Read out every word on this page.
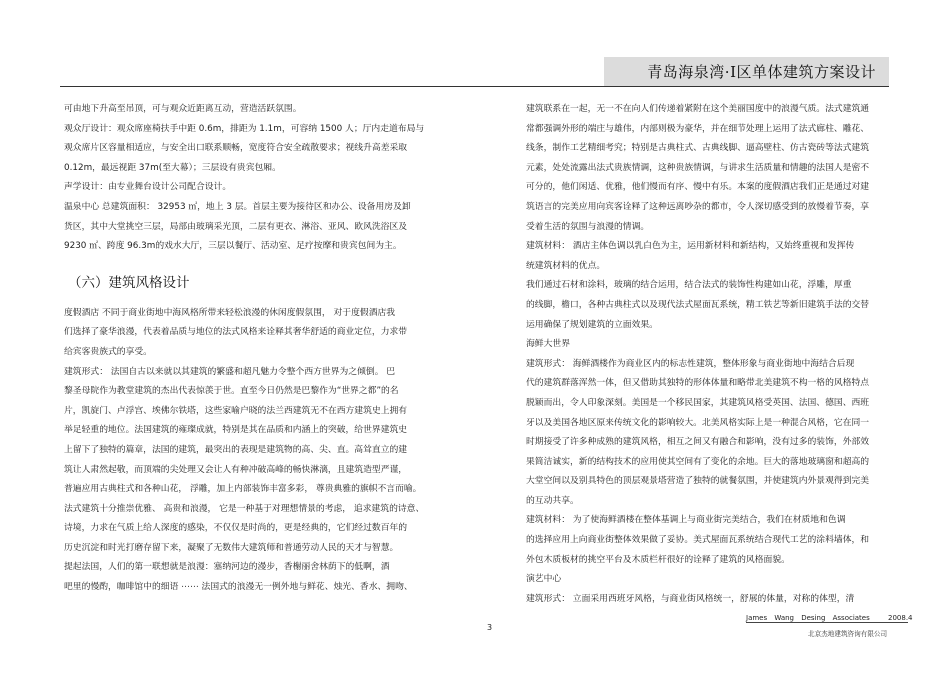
青岛海泉湾·Ⅰ区单体建筑方案设计
可由地下升高至吊顶，可与观众近距离互动，营造活跃氛围。
观众厅设计：观众席座椅扶手中距 0.6m，排距为 1.1m，可容纳 1500 人；厅内走道布局与
观众席片区容量相适应，与安全出口联系顺畅，宽度符合安全疏散要求；视线升高差采取
0.12m，最远视距 37m(至大幕）；三层设有贵宾包厢。
声学设计：由专业舞台设计公司配合设计。
温泉中心 总建筑面积： 32953 ㎡，地上 3 层。首层主要为接待区和办公、设备用房及卸
货区，其中大堂挑空三层，局部由玻璃采光顶，二层有更衣、淋浴、亚风、欧风洗浴区及
9230 ㎡、跨度 96.3m的戏水大厅，三层以餐厅、活动室、足疗按摩和贵宾包间为主。
（六）建筑风格设计
度假酒店 不同于商业街地中海风格所带来轻松浪漫的休闲度假氛围， 对于度假酒店我
们选择了豪华浪漫，代表着品质与地位的法式风格来诠释其奢华舒适的商业定位，力求带
给宾客贵族式的享受。
建筑形式： 法国自古以来就以其建筑的繁盛和超凡魅力令整个西方世界为之倾倒。 巴
黎圣母院作为教堂建筑的杰出代表惊羡于世。直至今日仍然是巴黎作为“世界之都”的名
片，凯旋门、卢浮宫、埃佛尔铁塔，这些家喻户晓的法兰西建筑无不在西方建筑史上拥有
举足轻重的地位。法国建筑的雍璨成就，特别是其在品质和内涵上的突破，给世界建筑史
上留下了独特的篇章，法国的建筑，最突出的表现是建筑物的高、尖、直。高耸直立的建
筑让人肃然起敬，而顶端的尖处理又会让人有种冲破高峰的畅快淋漓，且建筑造型严谨，
普遍应用古典柱式和各种山花， 浮雕，加上内部装饰丰富多彩， 尊贵典雅的旗帜不言而喻。
法式建筑十分推崇优雅、 高贵和浪漫， 它是一种基于对理想情景的考虑， 追求建筑的诗意、
诗境，力求在气质上给人深度的感染，不仅仅是时尚的，更是经典的，它们经过数百年的
历史沉淀和时光打磨存留下来，凝聚了无数伟大建筑师和普通劳动人民的天才与智慧。
提起法国，人们的第一联想就是浪漫：塞纳河边的漫步，香榭丽舍林荫下的低啊，酒
吧里的慢酌，咖啡馆中的细语 ⋯⋯ 法国式的浪漫无一例外地与鲜花、烛光、香水、拥吻、
建筑联系在一起，无一不在向人们传递着紧附在这个美丽国度中的浪漫气质。法式建筑通
常都强调外形的端庄与雄伟，内部则极为豪华，并在细节处理上运用了法式廊柱、雕花、
线条，制作工艺精细考究；特别是古典柱式、古典线脚、逼高壁柱、仿古瓷砖等法式建筑
元素，处处流露出法式贵族情调，这种贵族情调，与讲求生活质量和情趣的法国人是密不
可分的，他们闲适、优雅，他们慢而有序、慢中有乐。本案的度假酒店我们正是通过对建
筑语言的完美应用向宾客诠释了这种远离吵杂的都市，令人深切感受到的放慢着节奏，享
受着生活的氛围与浪漫的情调。
建筑材料： 酒店主体色调以乳白色为主，运用新材料和新结构，又始终重视和发挥传
统建筑材料的优点。
我们通过石材和涂料，玻璃的结合运用，结合法式的装饰性构建如山花，浮雕，厚重
的线脚，檐口，各种古典柱式以及现代法式屋面瓦系统，精工铁艺等新旧建筑手法的交替
运用确保了规划建筑的立面效果。
海鲜大世界
建筑形式： 海鲜酒楼作为商业区内的标志性建筑，整体形象与商业街地中海结合后现
代的建筑群落浑然一体，但又借助其独特的形体体量和略带北美建筑不构一格的风格特点
脱颖而出，令人印象深刻。美国是一个移民国家，其建筑风格受英国、法国、德国、西班
牙以及美国各地区原来传统文化的影响较大。北美风格实际上是一种混合风格，它在同一
时期接受了许多种成熟的建筑风格，相互之间又有融合和影响，没有过多的装饰，外部效
果简洁诚实，新的结构技术的应用使其空间有了变化的余地。巨大的落地玻璃窗和超高的
大堂空间以及别具特色的顶层观景塔营造了独特的就餐氛围，并使建筑内外景观得到完美
的互动共享。
建筑材料： 为了使海鲜酒楼在整体基调上与商业街完美结合，我们在材质地和色调
的选择应用上向商业街整体效果做了妥协。美式屋面瓦系统结合现代工艺的涂料墙体，和
外包木质板材的挑空平台及木质栏杆很好的诠释了建筑的风格面貌。
演艺中心
建筑形式： 立面采用西班牙风格，与商业街风格统一，舒展的体量，对称的体型，清
James Wang Desing Associates	2008.4
北京杰地建筑咨询有限公司
3
